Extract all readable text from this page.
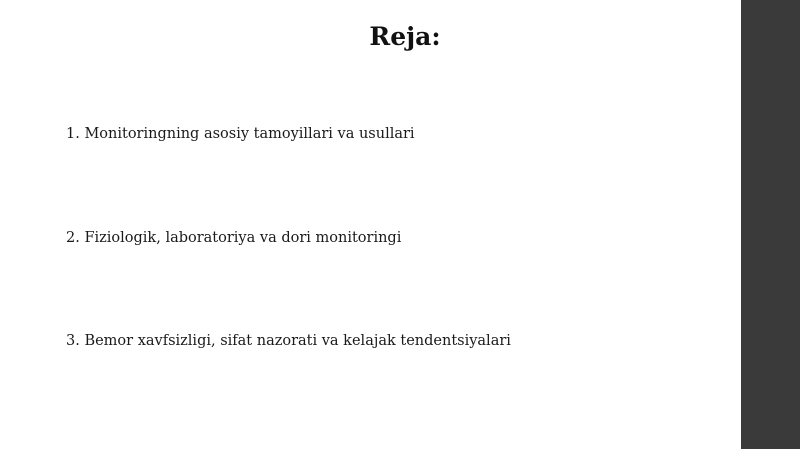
Reja:

1. Monitoringning asosiy tamoyillari va usullari

2. Fiziologik, laboratoriya va dori monitoringi

3. Bemor xavfsizligi, sifat nazorati va kelajak tendentsiyalari
